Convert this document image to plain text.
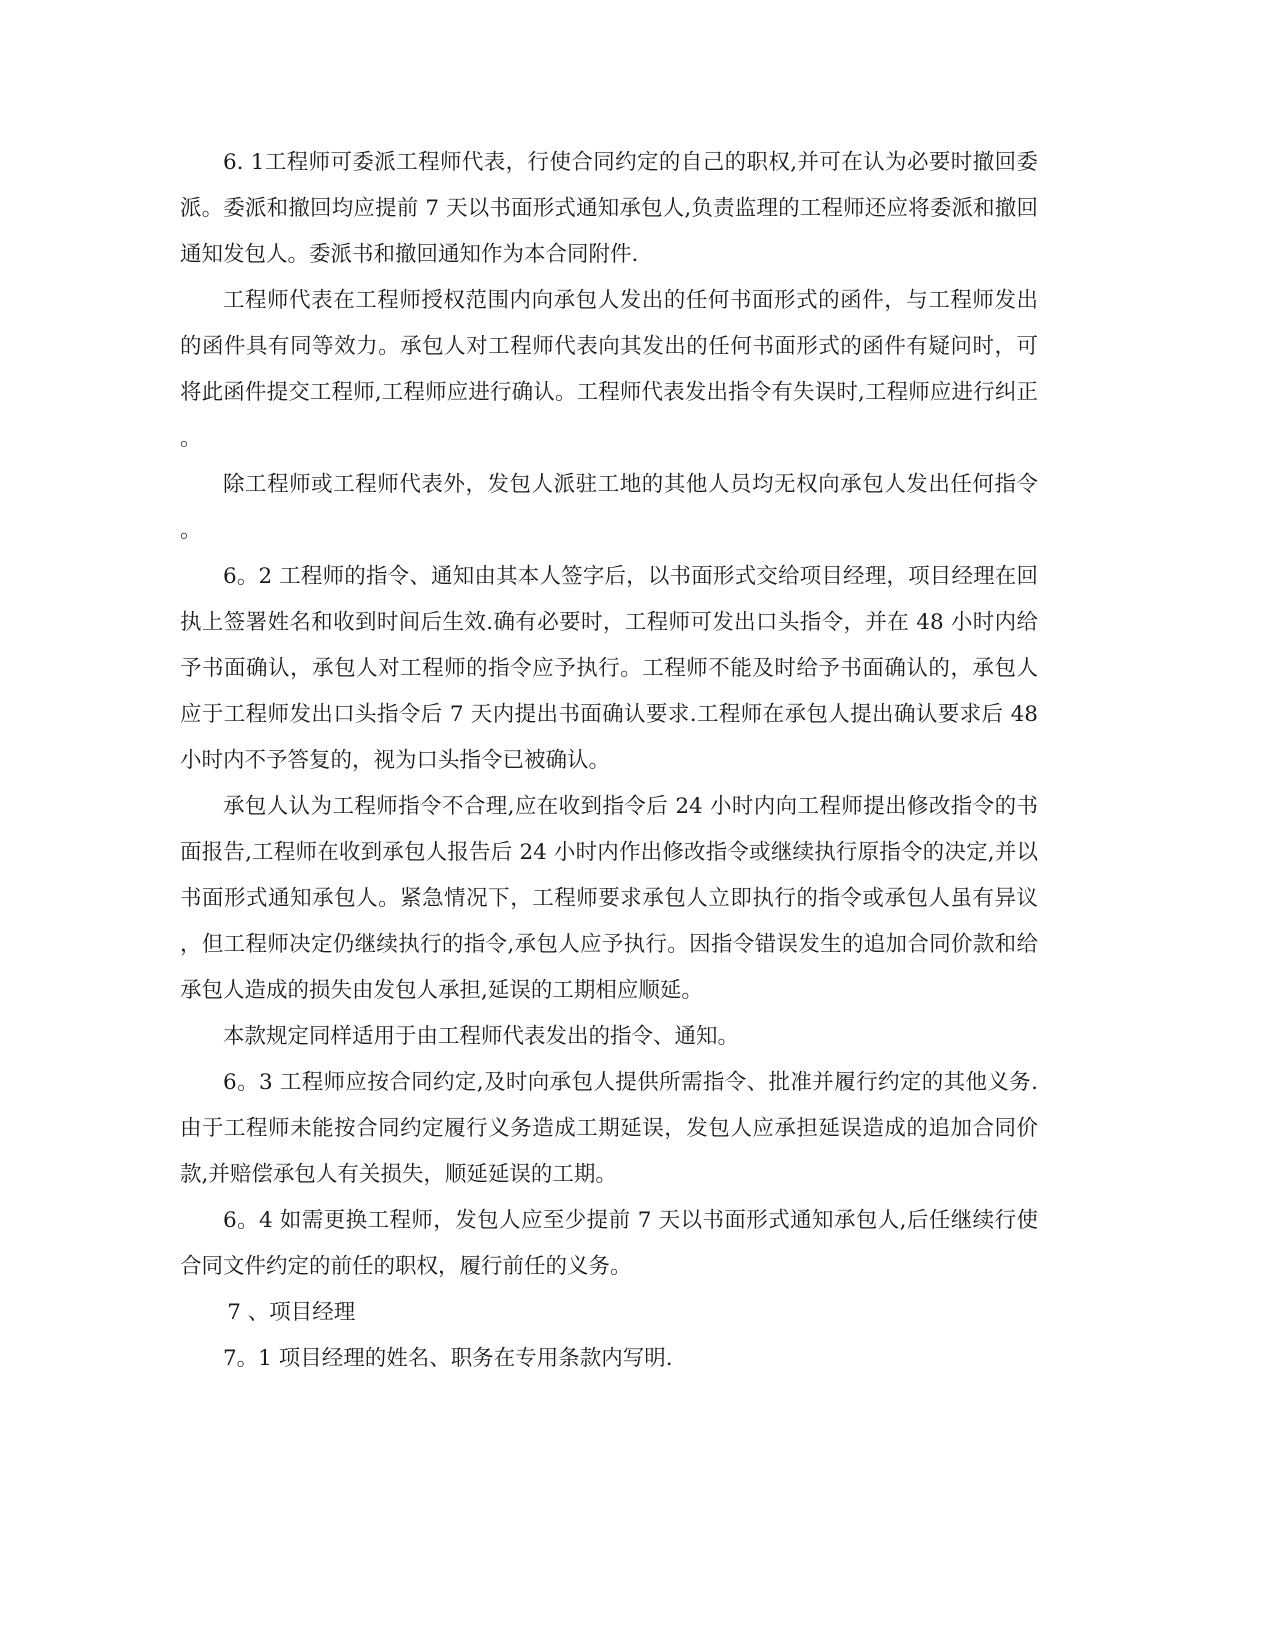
6. 1工程师可委派工程师代表，行使合同约定的自己的职权,并可在认为必要时撤回委派。委派和撤回均应提前 7 天以书面形式通知承包人,负责监理的工程师还应将委派和撤回通知发包人。委派书和撤回通知作为本合同附件.

工程师代表在工程师授权范围内向承包人发出的任何书面形式的函件，与工程师发出的函件具有同等效力。承包人对工程师代表向其发出的任何书面形式的函件有疑问时，可将此函件提交工程师,工程师应进行确认。工程师代表发出指令有失误时,工程师应进行纠正。

除工程师或工程师代表外，发包人派驻工地的其他人员均无权向承包人发出任何指令。

6。2 工程师的指令、通知由其本人签字后，以书面形式交给项目经理，项目经理在回执上签署姓名和收到时间后生效.确有必要时，工程师可发出口头指令，并在 48 小时内给予书面确认，承包人对工程师的指令应予执行。工程师不能及时给予书面确认的，承包人应于工程师发出口头指令后 7 天内提出书面确认要求.工程师在承包人提出确认要求后 48 小时内不予答复的，视为口头指令已被确认。

承包人认为工程师指令不合理,应在收到指令后 24 小时内向工程师提出修改指令的书面报告,工程师在收到承包人报告后 24 小时内作出修改指令或继续执行原指令的决定,并以书面形式通知承包人。紧急情况下，工程师要求承包人立即执行的指令或承包人虽有异议，但工程师决定仍继续执行的指令,承包人应予执行。因指令错误发生的追加合同价款和给承包人造成的损失由发包人承担,延误的工期相应顺延。

本款规定同样适用于由工程师代表发出的指令、通知。

6。3 工程师应按合同约定,及时向承包人提供所需指令、批准并履行约定的其他义务.由于工程师未能按合同约定履行义务造成工期延误，发包人应承担延误造成的追加合同价款,并赔偿承包人有关损失，顺延延误的工期。

6。4 如需更换工程师，发包人应至少提前 7 天以书面形式通知承包人,后任继续行使合同文件约定的前任的职权，履行前任的义务。

7 、项目经理

7。1 项目经理的姓名、职务在专用条款内写明.
